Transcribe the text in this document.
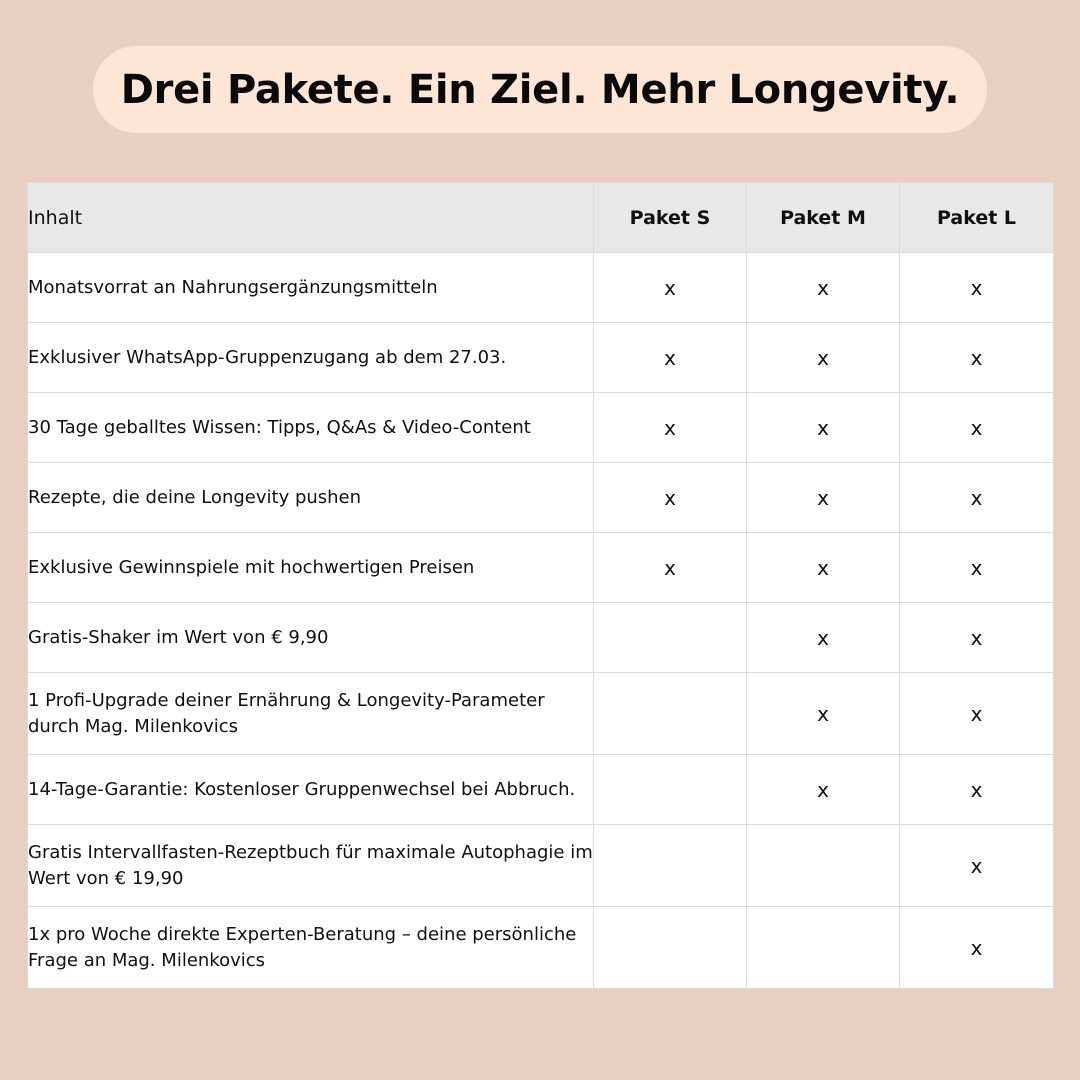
Drei Pakete. Ein Ziel. Mehr Longevity.
Inhalt	Paket S	Paket M	Paket L
Monatsvorrat an Nahrungsergänzungsmitteln	x	x	x
Exklusiver WhatsApp-Gruppenzugang ab dem 27.03.	x	x	x
30 Tage geballtes Wissen: Tipps, Q&As & Video-Content	x	x	x
Rezepte, die deine Longevity pushen	x	x	x
Exklusive Gewinnspiele mit hochwertigen Preisen	x	x	x
Gratis-Shaker im Wert von € 9,90		x	x
1 Profi-Upgrade deiner Ernährung & Longevity-Parameter durch Mag. Milenkovics		x	x
14-Tage-Garantie: Kostenloser Gruppenwechsel bei Abbruch.		x	x
Gratis Intervallfasten-Rezeptbuch für maximale Autophagie im Wert von € 19,90			x
1x pro Woche direkte Experten-Beratung – deine persönliche Frage an Mag. Milenkovics			x
